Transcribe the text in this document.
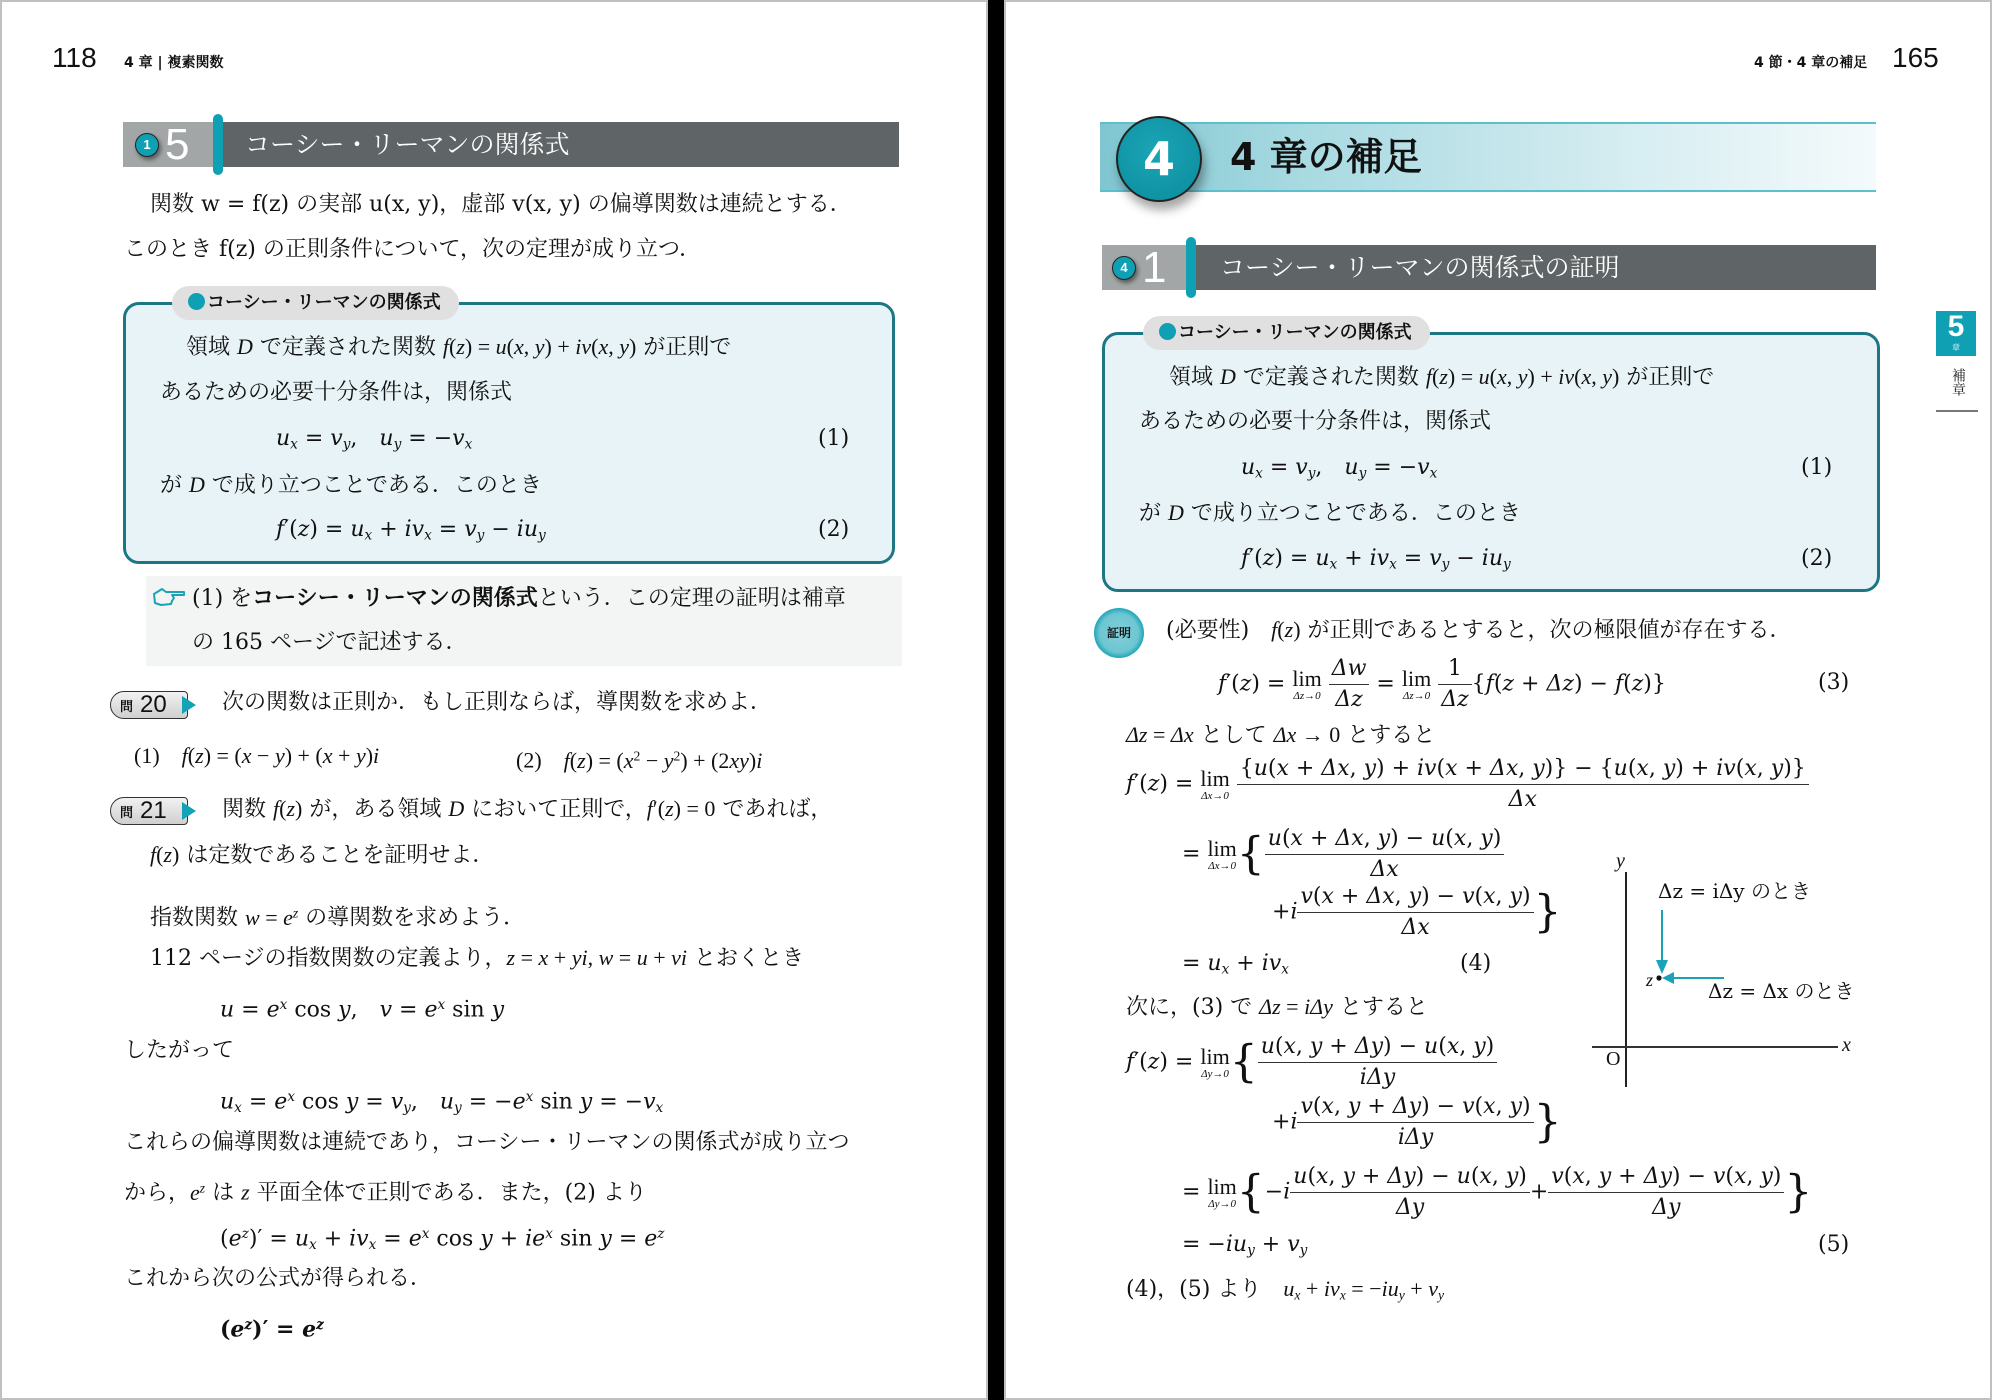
118 4 章 | 複素関数
1 5 コーシー・リーマンの関係式
関数 w = f(z) の実部 u(x, y)，虚部 v(x, y) の偏導関数は連続とする．
このとき f(z) の正則条件について，次の定理が成り立つ．
コーシー・リーマンの関係式
領域 D で定義された関数 f(z) = u(x, y) + iv(x, y) が正則で
あるための必要十分条件は，関係式
$u_x = v_y$,　$u_y = -v_x$	(1)
が D で成り立つことである．このとき
$f'(z) = u_x + iv_x = v_y - iu_y$	(2)
(1) をコーシー・リーマンの関係式という．この定理の証明は補章
の 165 ページで記述する．
問 20	次の関数は正則か．もし正則ならば，導関数を求めよ．
(1)　 f(z) = (x − y) + (x + y)i	(2)　 $f(z) = (x^2 - y^2) + (2xy)i$
問 21	関数 f(z) が，ある領域 D において正則で，f′(z) = 0 であれば，
f(z) は定数であることを証明せよ．
指数関数 $w = e^z$ の導関数を求めよう．
112 ページの指数関数の定義より，z = x + yi, w = u + vi とおくとき
$u = e^x$ cos y,　$v = e^x$ sin y
したがって
$u_x = e^x$ $\cos y = v_y$,　$u_y = -e^x$ $\sin y = -v_x$
これらの偏導関数は連続であり，コーシー・リーマンの関係式が成り立つ
から，$e^z$ は z 平面全体で正則である．また，(2) より
$(e^z)' = u_x + iv_x = e^x$ $\cos y + ie^x$ $\sin y = e^z$
これから次の公式が得られる．
$(e^z)' = e^z$
4 節・4 章の補足 165
4	4 章の補足
5
章
補章
4 1 コーシー・リーマンの関係式の証明
コーシー・リーマンの関係式
領域 D で定義された関数 f(z) = u(x, y) + iv(x, y) が正則で
あるための必要十分条件は，関係式
$u_x = v_y$,　$u_y = -v_x$	(1)
が D で成り立つことである．このとき
$f'(z) = u_x + iv_x = v_y - iu_y$	(2)
証明	(必要性)　f(z) が正則であるとすると，次の極限値が存在する．
f′(z) = lim
Δz→0
$\frac{\Delta w}{\Delta z} = \lim$
Δz→0
$\frac{1}{\Delta z} \{f(z + \Delta z) - f(z)\}$	(3)
Δz = Δx として Δx → 0 とすると
f′(z) = lim
Δx→0
$\frac{\{u(x + \Delta x, y) + iv(x + \Delta x, y)\} - \{u(x, y) + iv(x, y)\}}{\Delta x}$
= lim
Δx→0 { $\frac{u(x + \Delta x, y) - u(x, y)}{\Delta x}$
$+i \frac{v(x + \Delta x, y) - v(x, y)}{\Delta x}$ }
= $u_x + iv_x$	(4)
次に，(3) で Δz = iΔy とすると
f′(z) = lim
Δy→0 { $\frac{u(x, y + \Delta y) - u(x, y)}{\text{iΔy}}$
$+i \frac{v(x, y + \Delta y) - v(x, y)}{\text{iΔy}}$ }
= lim
Δy→0 {$-i \frac{u(x, y + \Delta y) - u(x, y)}{\Delta y} + \frac{v(x, y + \Delta y) - v(x, y)}{\Delta y}$ }
= $-iu_y + v_y$	(5)
(4)，(5) より　 $u_x + iv_x = -iu_y + v_y$
y
x
O
z
Δz = iΔy のとき
Δz = Δx のとき
